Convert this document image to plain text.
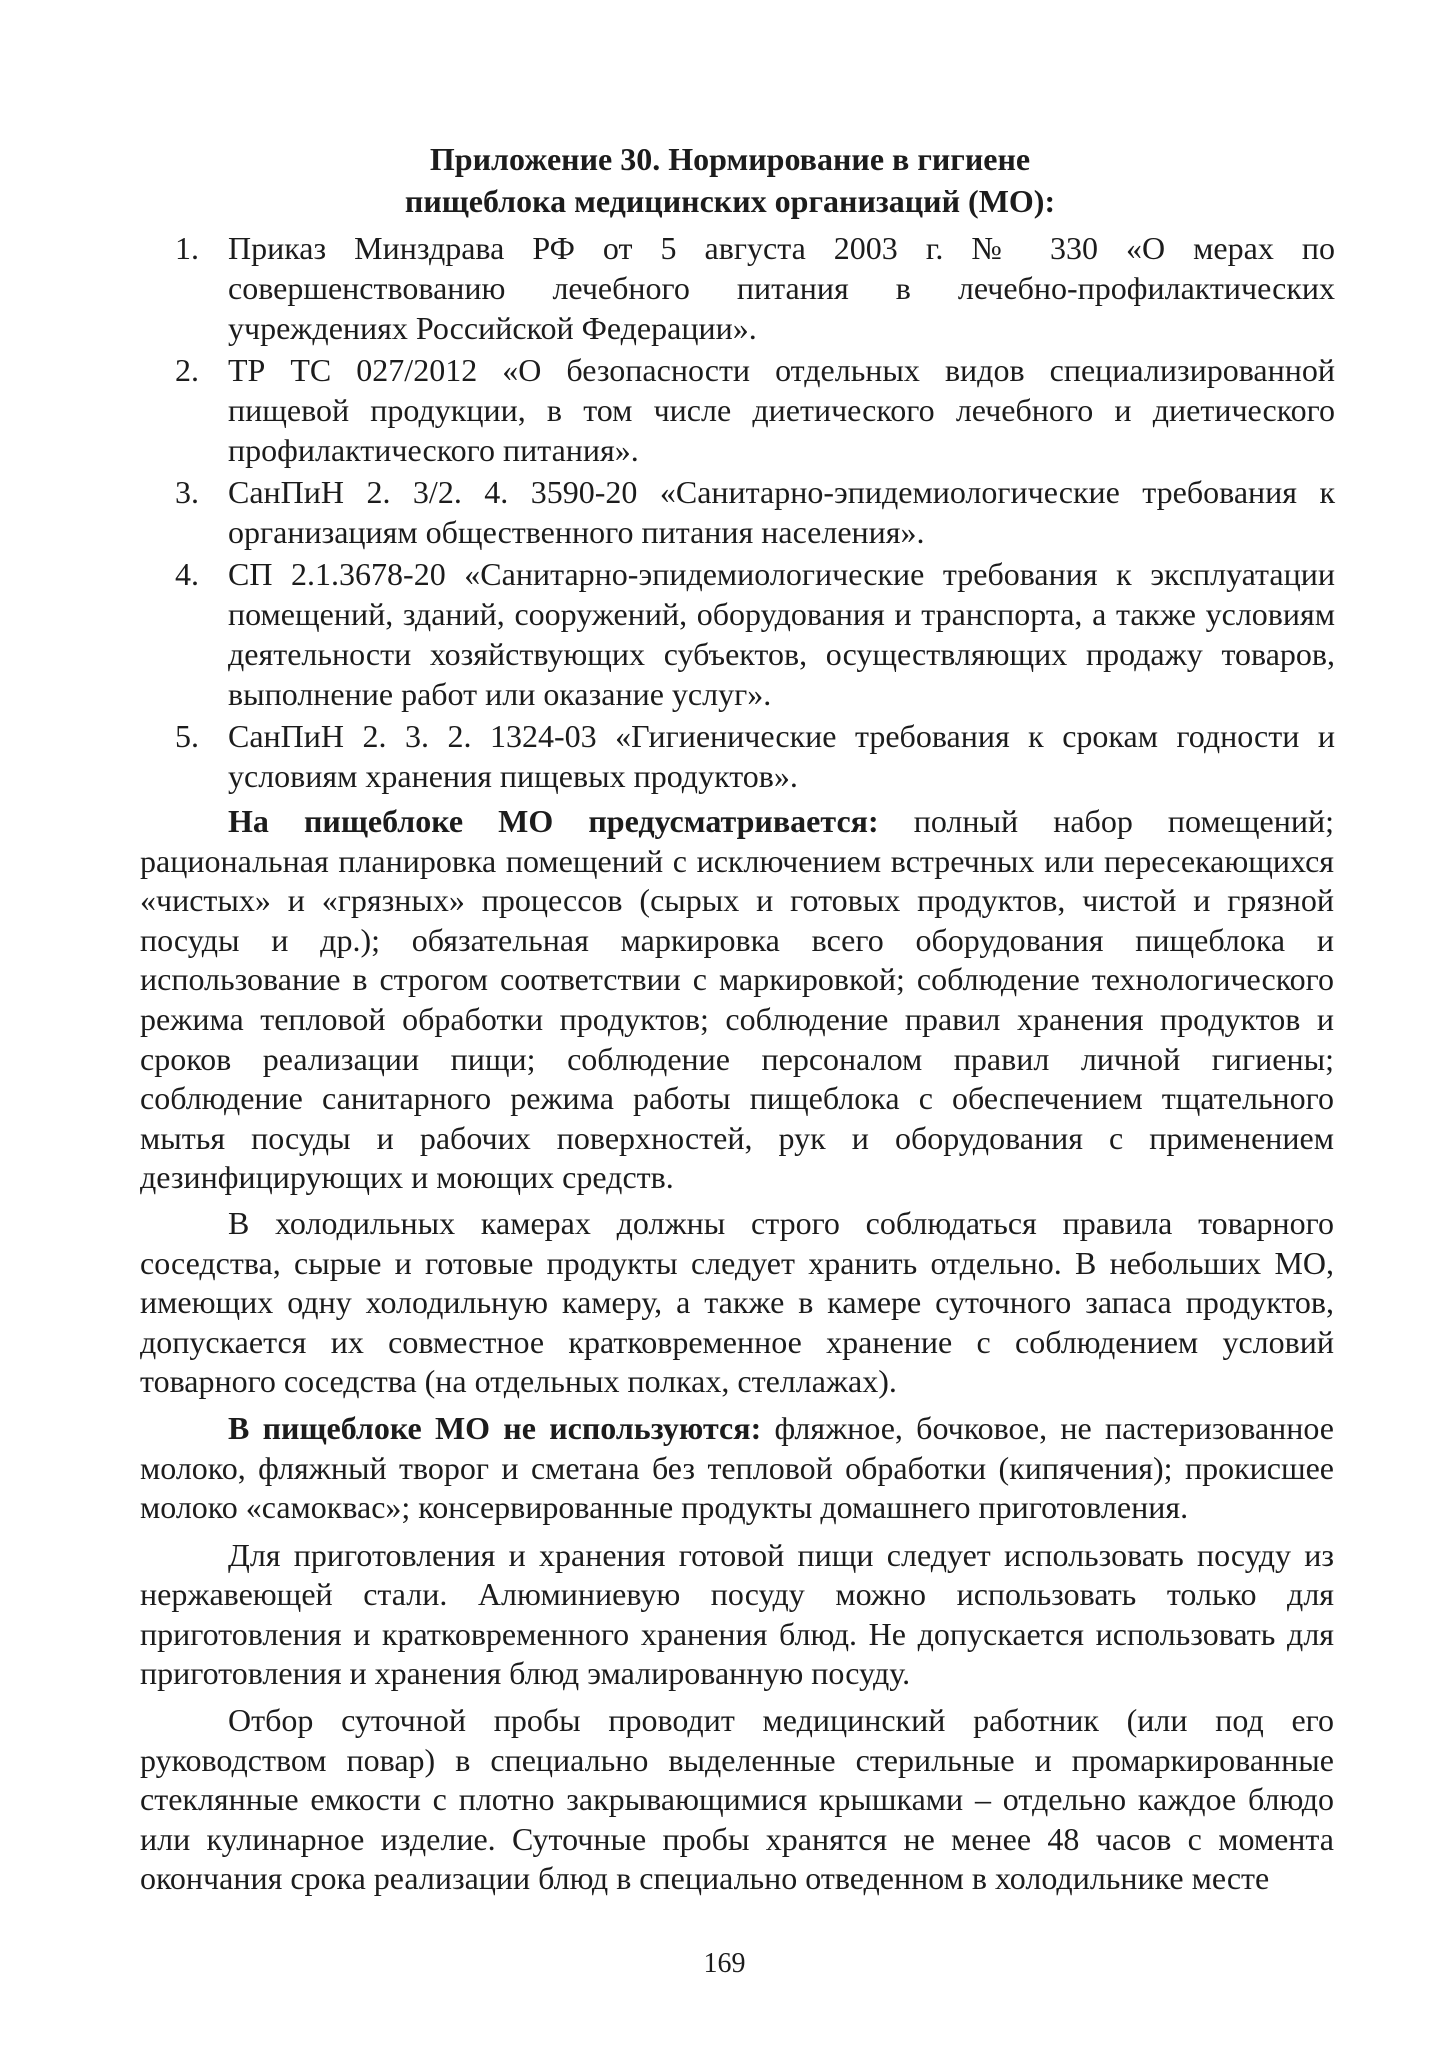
Приложение 30. Нормирование в гигиене
пищеблока медицинских организаций (МО):
1. Приказ Минздрава РФ от 5 августа 2003 г. № 330 «О мерах по совершенствованию лечебного питания в лечебно-профилактических учреждениях Российской Федерации».
2. ТР ТС 027/2012 «О безопасности отдельных видов специализированной пищевой продукции, в том числе диетического лечебного и диетического профилактического питания».
3. СанПиН 2. 3/2. 4. 3590-20 «Санитарно-эпидемиологические требования к организациям общественного питания населения».
4. СП 2.1.3678-20 «Санитарно-эпидемиологические требования к эксплуатации помещений, зданий, сооружений, оборудования и транспорта, а также условиям деятельности хозяйствующих субъектов, осуществляющих продажу товаров, выполнение работ или оказание услуг».
5. СанПиН 2. 3. 2. 1324-03 «Гигиенические требования к срокам годности и условиям хранения пищевых продуктов».

На пищеблоке МО предусматривается: полный набор помещений; рациональная планировка помещений с исключением встречных или пересекающихся «чистых» и «грязных» процессов (сырых и готовых продуктов, чистой и грязной посуды и др.); обязательная маркировка всего оборудования пищеблока и использование в строгом соответствии с маркировкой; соблюдение технологического режима тепловой обработки продуктов; соблюдение правил хранения продуктов и сроков реализации пищи; соблюдение персоналом правил личной гигиены; соблюдение санитарного режима работы пищеблока с обеспечением тщательного мытья посуды и рабочих поверхностей, рук и оборудования с применением дезинфицирующих и моющих средств.

В холодильных камерах должны строго соблюдаться правила товарного соседства, сырые и готовые продукты следует хранить отдельно. В небольших МО, имеющих одну холодильную камеру, а также в камере суточного запаса продуктов, допускается их совместное кратковременное хранение с соблюдением условий товарного соседства (на отдельных полках, стеллажах).

В пищеблоке МО не используются: фляжное, бочковое, не пастеризованное молоко, фляжный творог и сметана без тепловой обработки (кипячения); прокисшее молоко «самоквас»; консервированные продукты домашнего приготовления.

Для приготовления и хранения готовой пищи следует использовать посуду из нержавеющей стали. Алюминиевую посуду можно использовать только для приготовления и кратковременного хранения блюд. Не допускается использовать для приготовления и хранения блюд эмалированную посуду.

Отбор суточной пробы проводит медицинский работник (или под его руководством повар) в специально выделенные стерильные и промаркированные стеклянные емкости с плотно закрывающимися крышками – отдельно каждое блюдо или кулинарное изделие. Суточные пробы хранятся не менее 48 часов с момента окончания срока реализации блюд в специально отведенном в холодильнике месте

169
